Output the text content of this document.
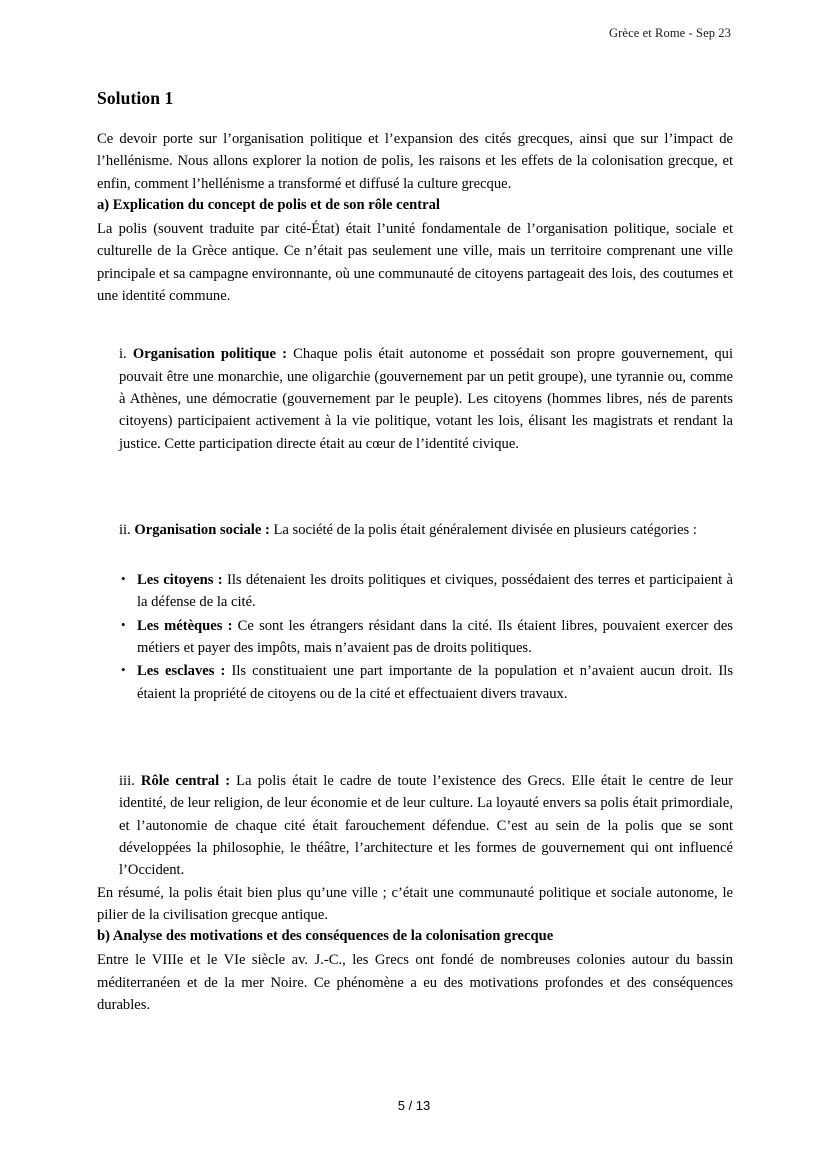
Grèce et Rome - Sep 23
Solution 1

Ce devoir porte sur l’organisation politique et l’expansion des cités grecques, ainsi que sur l’impact de l’hellénisme. Nous allons explorer la notion de polis, les raisons et les effets de la colonisation grecque, et enfin, comment l’hellénisme a transformé et diffusé la culture grecque.

a) Explication du concept de polis et de son rôle central

La polis (souvent traduite par cité-État) était l’unité fondamentale de l’organisation politique, sociale et culturelle de la Grèce antique. Ce n’était pas seulement une ville, mais un territoire comprenant une ville principale et sa campagne environnante, où une communauté de citoyens partageait des lois, des coutumes et une identité commune.

i. Organisation politique : Chaque polis était autonome et possédait son propre gouvernement, qui pouvait être une monarchie, une oligarchie (gouvernement par un petit groupe), une tyrannie ou, comme à Athènes, une démocratie (gouvernement par le peuple). Les citoyens (hommes libres, nés de parents citoyens) participaient activement à la vie politique, votant les lois, élisant les magistrats et rendant la justice. Cette participation directe était au cœur de l’identité civique.
ii. Organisation sociale : La société de la polis était généralement divisée en plusieurs catégories :
• Les citoyens : Ils détenaient les droits politiques et civiques, possédaient des terres et participaient à la défense de la cité.
• Les métèques : Ce sont les étrangers résidant dans la cité. Ils étaient libres, pouvaient exercer des métiers et payer des impôts, mais n’avaient pas de droits politiques.
• Les esclaves : Ils constituaient une part importante de la population et n’avaient aucun droit. Ils étaient la propriété de citoyens ou de la cité et effectuaient divers travaux.
iii. Rôle central : La polis était le cadre de toute l’existence des Grecs. Elle était le centre de leur identité, de leur religion, de leur économie et de leur culture. La loyauté envers sa polis était primordiale, et l’autonomie de chaque cité était farouchement défendue. C’est au sein de la polis que se sont développées la philosophie, le théâtre, l’architecture et les formes de gouvernement qui ont influencé l’Occident.

En résumé, la polis était bien plus qu’une ville ; c’était une communauté politique et sociale autonome, le pilier de la civilisation grecque antique.

b) Analyse des motivations et des conséquences de la colonisation grecque

Entre le VIIIe et le VIe siècle av. J.-C., les Grecs ont fondé de nombreuses colonies autour du bassin méditerranéen et de la mer Noire. Ce phénomène a eu des motivations profondes et des conséquences durables.

5 / 13
